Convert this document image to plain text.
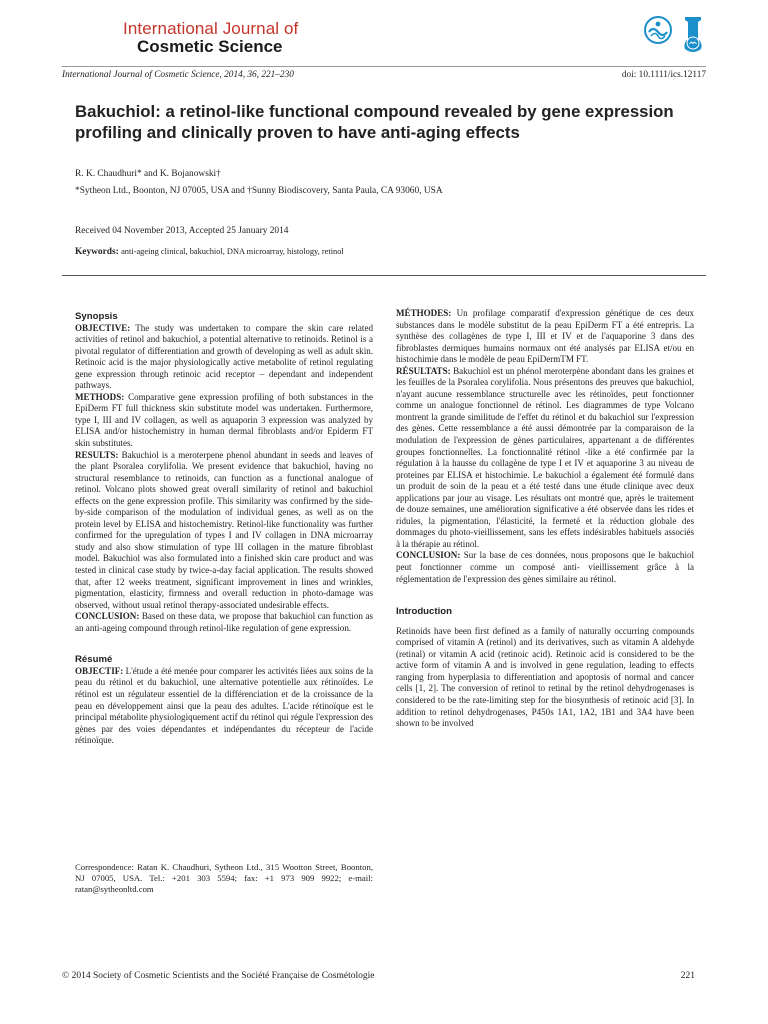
International Journal of
Cosmetic Science
International Journal of Cosmetic Science, 2014, 36, 221–230	doi: 10.1111/ics.12117
Bakuchiol: a retinol-like functional compound revealed by gene expression profiling and clinically proven to have anti-aging effects
R. K. Chaudhuri* and K. Bojanowski†
*Sytheon Ltd., Boonton, NJ 07005, USA and †Sunny Biodiscovery, Santa Paula, CA 93060, USA
Received 04 November 2013, Accepted 25 January 2014
Keywords: anti-ageing clinical, bakuchiol, DNA microarray, histology, retinol
Synopsis

OBJECTIVE: The study was undertaken to compare the skin care related activities of retinol and bakuchiol, a potential alternative to retinoids. Retinol is a pivotal regulator of differentiation and growth of developing as well as adult skin. Retinoic acid is the major physiologically active metabolite of retinol regulating gene expression through retinoic acid receptor – dependant and independent pathways.

METHODS: Comparative gene expression profiling of both substances in the EpiDerm FT full thickness skin substitute model was undertaken. Furthermore, type I, III and IV collagen, as well as aquaporin 3 expression was analyzed by ELISA and/or histochemistry in human dermal fibroblasts and/or Epiderm FT skin substitutes.

RESULTS: Bakuchiol is a meroterpene phenol abundant in seeds and leaves of the plant Psoralea corylifolia. We present evidence that bakuchiol, having no structural resemblance to retinoids, can function as a functional analogue of retinol. Volcano plots showed great overall similarity of retinol and bakuchiol effects on the gene expression profile. This similarity was confirmed by the side-by-side comparison of the modulation of individual genes, as well as on the protein level by ELISA and histochemistry. Retinol-like functionality was further confirmed for the upregulation of types I and IV collagen in DNA microarray study and also show stimulation of type III collagen in the mature fibroblast model. Bakuchiol was also formulated into a finished skin care product and was tested in clinical case study by twice-a-day facial application. The results showed that, after 12 weeks treatment, significant improvement in lines and wrinkles, pigmentation, elasticity, firmness and overall reduction in photo-damage was observed, without usual retinol therapy-associated undesirable effects.

CONCLUSION: Based on these data, we propose that bakuchiol can function as an anti-ageing compound through retinol-like regulation of gene expression.

Résumé

OBJECTIF: L'étude a été menée pour comparer les activités liées aux soins de la peau du rétinol et du bakuchiol, une alternative potentielle aux rétinoïdes. Le rétinol est un régulateur essentiel de la différenciation et de la croissance de la peau en développement ainsi que la peau des adultes. L'acide rétinoïque est le principal métabolite physiologiquement actif du rétinol qui régule l'expression des gènes par des voies dépendantes et indépendantes du récepteur de l'acide rétinoïque.

Correspondence: Ratan K. Chaudhuri, Sytheon Ltd., 315 Wootton Street, Boonton, NJ 07005, USA. Tel.: +201 303 5594; fax: +1 973 909 9922; e-mail: ratan@sytheonltd.com

MÉTHODES: Un profilage comparatif d'expression génétique de ces deux substances dans le modèle substitut de la peau EpiDerm FT a été entrepris. La synthèse des collagènes de type I, III et IV et de l'aquaporine 3 dans des fibroblastes dermiques humains normaux ont été analysés par ELISA et/ou en histochimie dans le modèle de peau EpiDermTM FT.

RÉSULTATS: Bakuchiol est un phénol meroterpène abondant dans les graines et les feuilles de la Psoralea corylifolia. Nous présentons des preuves que bakuchiol, n'ayant aucune ressemblance structurelle avec les rétinoïdes, peut fonctionner comme un analogue fonctionnel de rétinol. Les diagrammes de type Volcano montrent la grande similitude de l'effet du rétinol et du bakuchiol sur l'expression des gènes. Cette ressemblance a été aussi démontrée par la comparaison de la modulation de l'expression de gènes particulaires, appartenant a de différentes groupes fonctionnelles. La fonctionnalité rétinol -like a été confirmée par la régulation à la hausse du collagène de type I et IV et aquaporine 3 au niveau de proteines par ELISA et histochimie. Le bakuchiol a également été formulé dans un produit de soin de la peau et a été testé dans une étude clinique avec deux applications par jour au visage. Les résultats ont montré que, après le traitement de douze semaines, une amélioration significative a été observée dans les rides et ridules, la pigmentation, l'élasticité, la fermeté et la réduction globale des dommages du photo-vieillissement, sans les effets indésirables habituels associés à la thérapie au rétinol.

CONCLUSION: Sur la base de ces données, nous proposons que le bakuchiol peut fonctionner comme un composé anti- vieillissement grâce à la réglementation de l'expression des gènes similaire au rétinol.

Introduction

Retinoids have been first defined as a family of naturally occurring compounds comprised of vitamin A (retinol) and its derivatives, such as vitamin A aldehyde (retinal) or vitamin A acid (retinoic acid). Retinoic acid is considered to be the active form of vitamin A and is involved in gene regulation, leading to effects ranging from hyperplasia to differentiation and apoptosis of normal and cancer cells [1, 2]. The conversion of retinol to retinal by the retinol dehydrogenases is considered to be the rate-limiting step for the biosynthesis of retinoic acid [3]. In addition to retinol dehydrogenases, P450s 1A1, 1A2, 1B1 and 3A4 have been shown to be involved

© 2014 Society of Cosmetic Scientists and the Société Française de Cosmétologie	221
